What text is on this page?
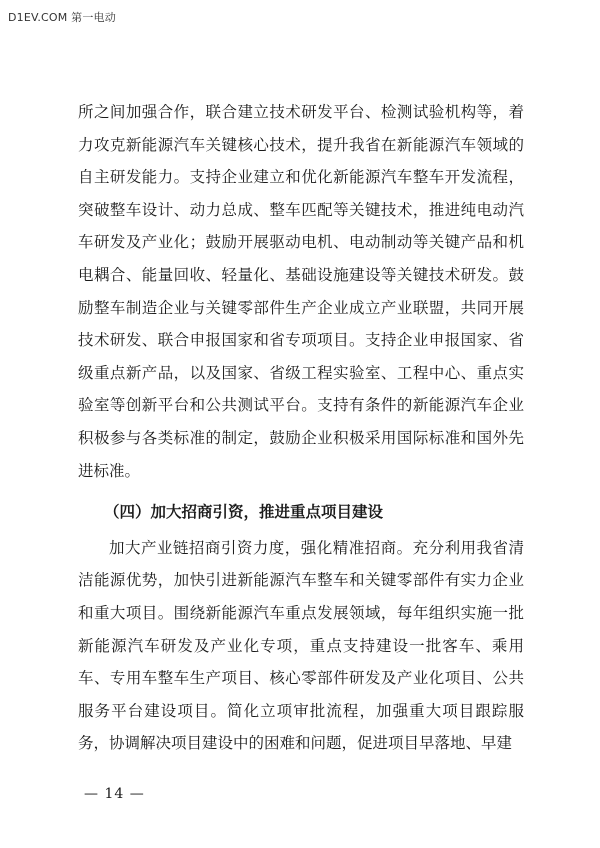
D1EV.COM 第一电动

所之间加强合作，联合建立技术研发平台、检测试验机构等，着力攻克新能源汽车关键核心技术，提升我省在新能源汽车领域的自主研发能力。支持企业建立和优化新能源汽车整车开发流程，突破整车设计、动力总成、整车匹配等关键技术，推进纯电动汽车研发及产业化；鼓励开展驱动电机、电动制动等关键产品和机电耦合、能量回收、轻量化、基础设施建设等关键技术研发。鼓励整车制造企业与关键零部件生产企业成立产业联盟，共同开展技术研发、联合申报国家和省专项项目。支持企业申报国家、省级重点新产品，以及国家、省级工程实验室、工程中心、重点实验室等创新平台和公共测试平台。支持有条件的新能源汽车企业积极参与各类标准的制定，鼓励企业积极采用国际标准和国外先进标准。

（四）加大招商引资，推进重点项目建设

加大产业链招商引资力度，强化精准招商。充分利用我省清洁能源优势，加快引进新能源汽车整车和关键零部件有实力企业和重大项目。围绕新能源汽车重点发展领域，每年组织实施一批新能源汽车研发及产业化专项，重点支持建设一批客车、乘用车、专用车整车生产项目、核心零部件研发及产业化项目、公共服务平台建设项目。简化立项审批流程，加强重大项目跟踪服务，协调解决项目建设中的困难和问题，促进项目早落地、早建

— 14 —
